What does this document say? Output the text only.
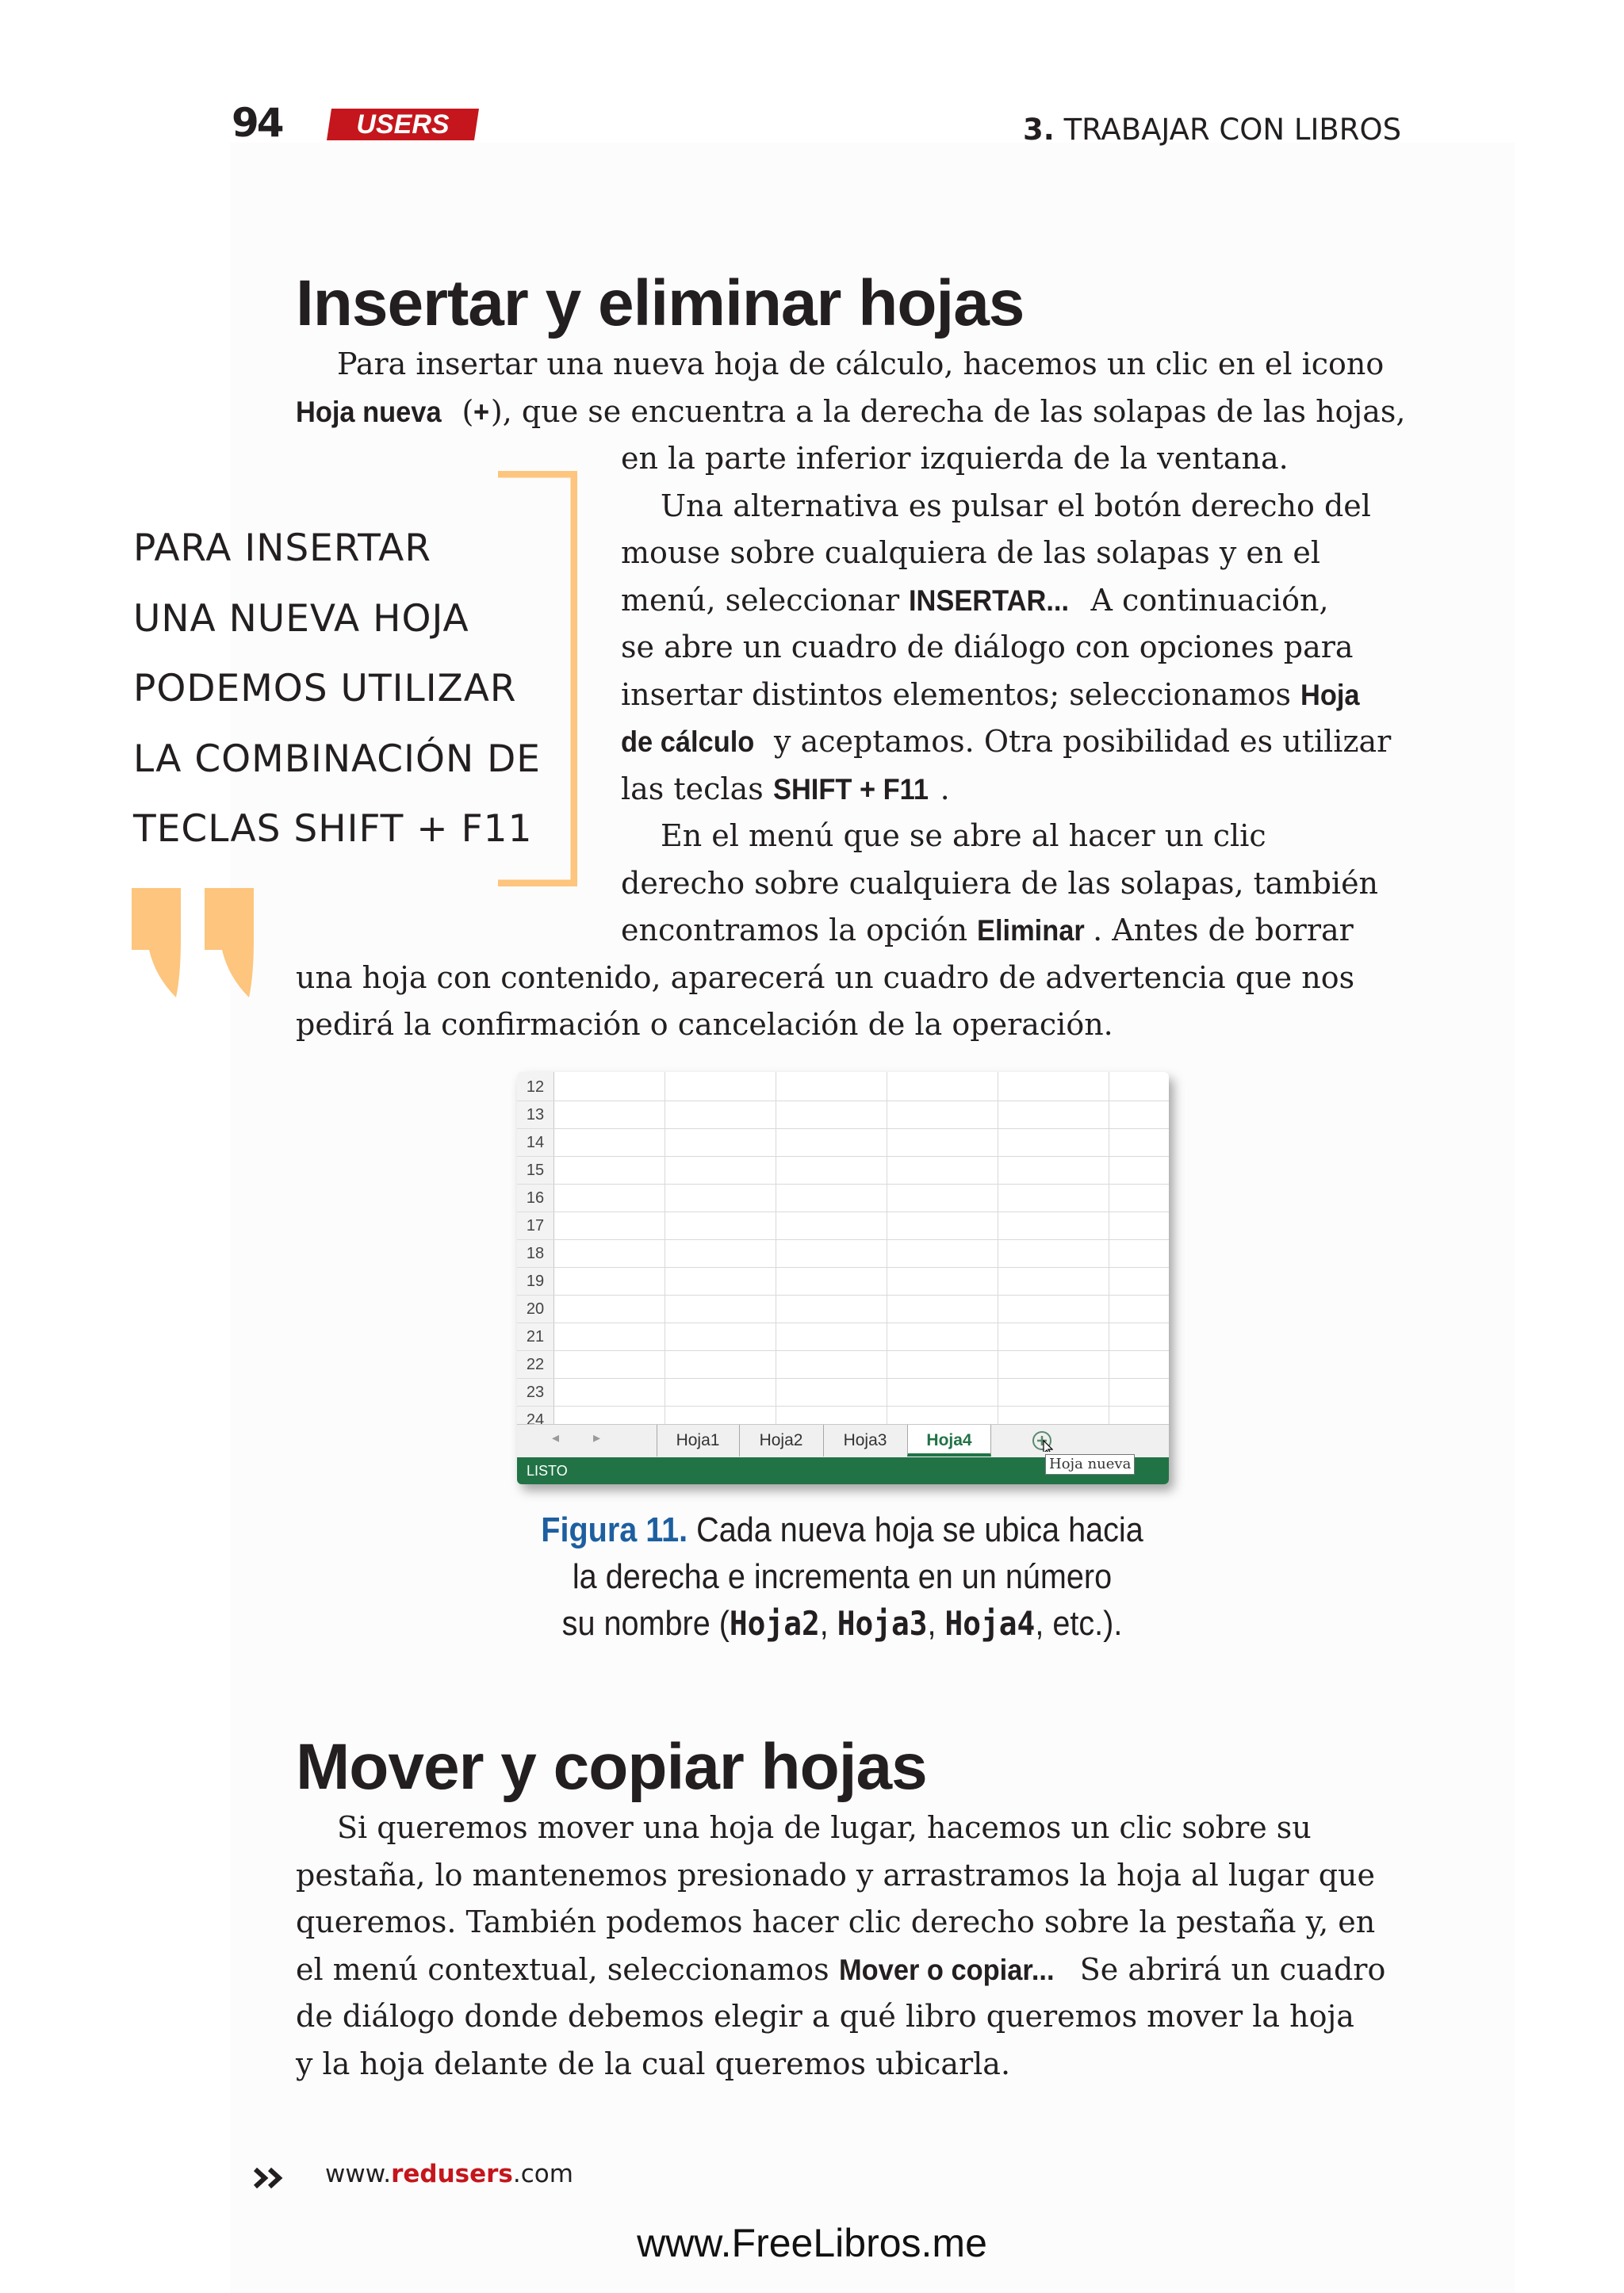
94	USERS	3. TRABAJAR CON LIBROS
Insertar y eliminar hojas
Para insertar una nueva hoja de cálculo, hacemos un clic en el icono
Hoja nueva (+), que se encuentra a la derecha de las solapas de las hojas,
en la parte inferior izquierda de la ventana.
Una alternativa es pulsar el botón derecho del
mouse sobre cualquiera de las solapas y en el
menú, seleccionar INSERTAR... A continuación,
se abre un cuadro de diálogo con opciones para
insertar distintos elementos; seleccionamos Hoja
de cálculo y aceptamos. Otra posibilidad es utilizar
las teclas SHIFT + F11 .
En el menú que se abre al hacer un clic
derecho sobre cualquiera de las solapas, también
encontramos la opción Eliminar . Antes de borrar
una hoja con contenido, aparecerá un cuadro de advertencia que nos
pedirá la confirmación o cancelación de la operación.
PARA INSERTAR
UNA NUEVA HOJA
PODEMOS UTILIZAR
LA COMBINACIÓN DE
TECLAS SHIFT + F11
12
13
14
15
16
17
18
19
20
21
22
23
24
◂ ▸	Hoja1	Hoja2	Hoja3	Hoja4
LISTO	Hoja nueva
Figura 11. Cada nueva hoja se ubica hacia
la derecha e incrementa en un número
su nombre (Hoja2, Hoja3, Hoja4, etc.).
Mover y copiar hojas
Si queremos mover una hoja de lugar, hacemos un clic sobre su
pestaña, lo mantenemos presionado y arrastramos la hoja al lugar que
queremos. También podemos hacer clic derecho sobre la pestaña y, en
el menú contextual, seleccionamos Mover o copiar... Se abrirá un cuadro
de diálogo donde debemos elegir a qué libro queremos mover la hoja
y la hoja delante de la cual queremos ubicarla.
www.redusers.com
www.FreeLibros.me
